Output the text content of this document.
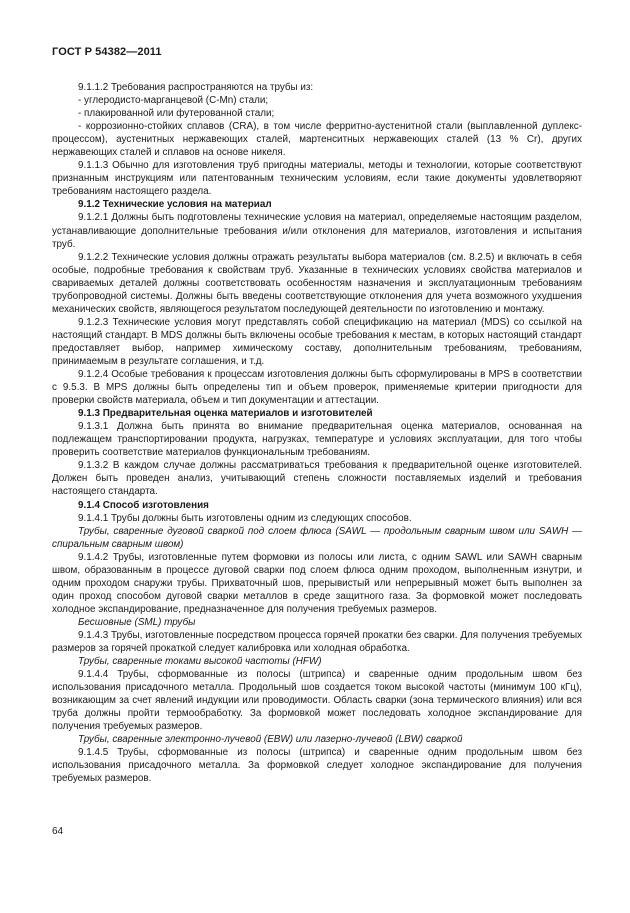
ГОСТ Р 54382—2011

9.1.1.2 Требования распространяются на трубы из:

- углеродисто-марганцевой (C-Mn) стали;

- плакированной или футерованной стали;

- коррозионно-стойких сплавов (CRA), в том числе ферритно-аустенитной стали (выплавленной дуплекс-процессом), аустенитных нержавеющих сталей, мартенситных нержавеющих сталей (13 % Cr), других нержавеющих сталей и сплавов на основе никеля.

9.1.1.3 Обычно для изготовления труб пригодны материалы, методы и технологии, которые соответствуют признанным инструкциям или патентованным техническим условиям, если такие документы удовлетворяют требованиям настоящего раздела.

9.1.2 Технические условия на материал

9.1.2.1 Должны быть подготовлены технические условия на материал, определяемые настоящим разделом, устанавливающие дополнительные требования и/или отклонения для материалов, изготовления и испытания труб.

9.1.2.2 Технические условия должны отражать результаты выбора материалов (см. 8.2.5) и включать в себя особые, подробные требования к свойствам труб. Указанные в технических условиях свойства материалов и свариваемых деталей должны соответствовать особенностям назначения и эксплуатационным требованиям трубопроводной системы. Должны быть введены соответствующие отклонения для учета возможного ухудшения механических свойств, являющегося результатом последующей деятельности по изготовлению и монтажу.

9.1.2.3 Технические условия могут представлять собой спецификацию на материал (MDS) со ссылкой на настоящий стандарт. В MDS должны быть включены особые требования к местам, в которых настоящий стандарт предоставляет выбор, например химическому составу, дополнительным требованиям, требованиям, принимаемым в результате соглашения, и т.д.

9.1.2.4 Особые требования к процессам изготовления должны быть сформулированы в MPS в соответствии с 9.5.3. В MPS должны быть определены тип и объем проверок, применяемые критерии пригодности для проверки свойств материала, объем и тип документации и аттестации.

9.1.3 Предварительная оценка материалов и изготовителей

9.1.3.1 Должна быть принята во внимание предварительная оценка материалов, основанная на подлежащем транспортировании продукта, нагрузках, температуре и условиях эксплуатации, для того чтобы проверить соответствие материалов функциональным требованиям.

9.1.3.2 В каждом случае должны рассматриваться требования к предварительной оценке изготовителей. Должен быть проведен анализ, учитывающий степень сложности поставляемых изделий и требования настоящего стандарта.

9.1.4 Способ изготовления

9.1.4.1 Трубы должны быть изготовлены одним из следующих способов.

Трубы, сваренные дуговой сваркой под слоем флюса (SAWL — продольным сварным швом или SAWH — спиральным сварным швом)

9.1.4.2 Трубы, изготовленные путем формовки из полосы или листа, с одним SAWL или SAWH сварным швом, образованным в процессе дуговой сварки под слоем флюса одним проходом, выполненным изнутри, и одним проходом снаружи трубы. Прихваточный шов, прерывистый или непрерывный может быть выполнен за один проход способом дуговой сварки металлов в среде защитного газа. За формовкой может последовать холодное экспандирование, предназначенное для получения требуемых размеров.

Бесшовные (SML) трубы

9.1.4.3 Трубы, изготовленные посредством процесса горячей прокатки без сварки. Для получения требуемых размеров за горячей прокаткой следует калибровка или холодная обработка.

Трубы, сваренные токами высокой частоты (HFW)

9.1.4.4 Трубы, сформованные из полосы (штрипса) и сваренные одним продольным швом без использования присадочного металла. Продольный шов создается током высокой частоты (минимум 100 кГц), возникающим за счет явлений индукции или проводимости. Область сварки (зона термического влияния) или вся труба должны пройти термообработку. За формовкой может последовать холодное экспандирование для получения требуемых размеров.

Трубы, сваренные электронно-лучевой (EBW) или лазерно-лучевой (LBW) сваркой

9.1.4.5 Трубы, сформованные из полосы (штрипса) и сваренные одним продольным швом без использования присадочного металла. За формовкой следует холодное экспандирование для получения требуемых размеров.

64
